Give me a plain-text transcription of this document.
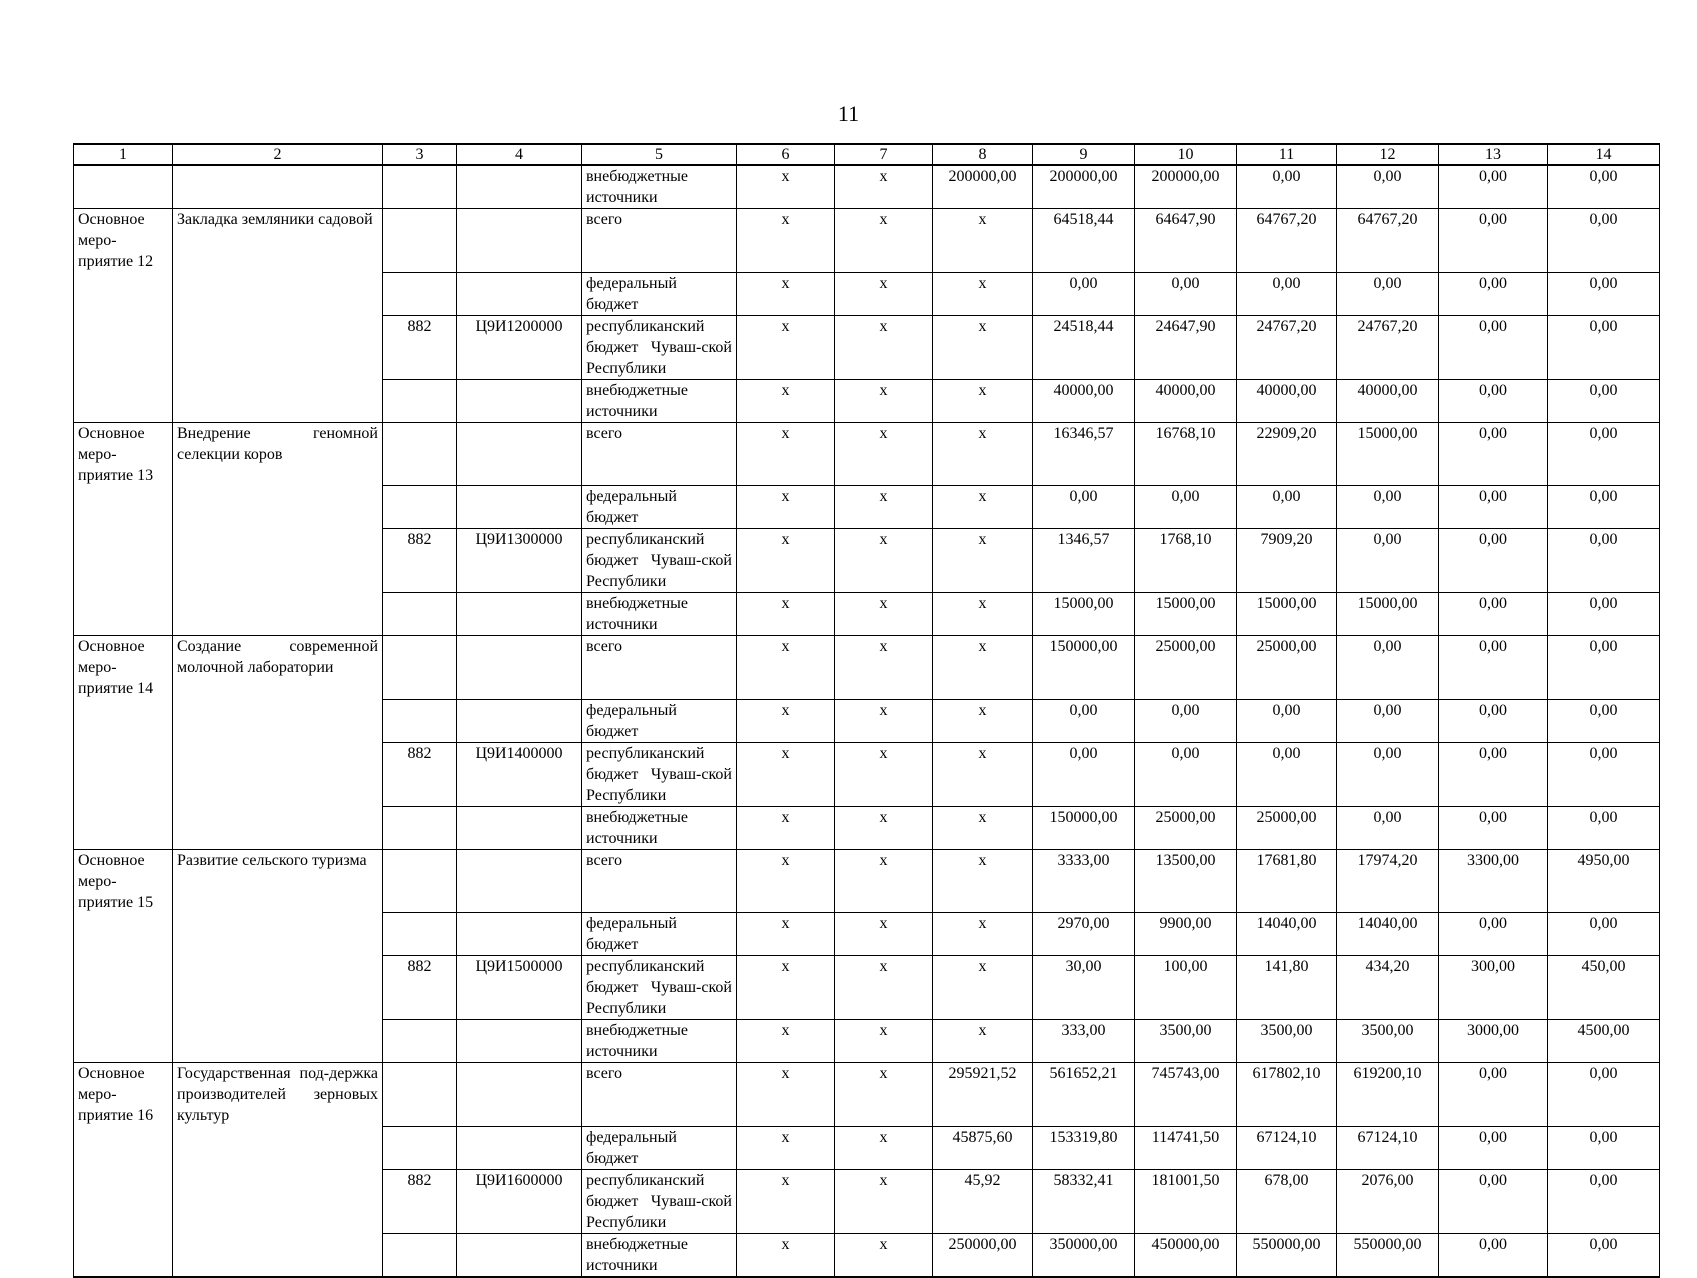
11
1	2	3	4	5	6	7	8	9	10	11	12	13	14
				внебюджетные источники	х	х	200000,00	200000,00	200000,00	0,00	0,00	0,00	0,00
Основное меро-приятие 12	Закладка земляники садовой			всего	х	х	х	64518,44	64647,90	64767,20	64767,20	0,00	0,00
				федеральный бюджет	х	х	х	0,00	0,00	0,00	0,00	0,00	0,00
		882	Ц9И1200000	республиканский бюджет Чуваш-ской Республики	х	х	х	24518,44	24647,90	24767,20	24767,20	0,00	0,00
				внебюджетные источники	х	х	х	40000,00	40000,00	40000,00	40000,00	0,00	0,00
Основное меро-приятие 13	Внедрение геномной селекции коров			всего	х	х	х	16346,57	16768,10	22909,20	15000,00	0,00	0,00
				федеральный бюджет	х	х	х	0,00	0,00	0,00	0,00	0,00	0,00
		882	Ц9И1300000	республиканский бюджет Чуваш-ской Республики	х	х	х	1346,57	1768,10	7909,20	0,00	0,00	0,00
				внебюджетные источники	х	х	х	15000,00	15000,00	15000,00	15000,00	0,00	0,00
Основное меро-приятие 14	Создание современной молочной лаборатории			всего	х	х	х	150000,00	25000,00	25000,00	0,00	0,00	0,00
				федеральный бюджет	х	х	х	0,00	0,00	0,00	0,00	0,00	0,00
		882	Ц9И1400000	республиканский бюджет Чуваш-ской Республики	х	х	х	0,00	0,00	0,00	0,00	0,00	0,00
				внебюджетные источники	х	х	х	150000,00	25000,00	25000,00	0,00	0,00	0,00
Основное меро-приятие 15	Развитие сельского туризма			всего	х	х	х	3333,00	13500,00	17681,80	17974,20	3300,00	4950,00
				федеральный бюджет	х	х	х	2970,00	9900,00	14040,00	14040,00	0,00	0,00
		882	Ц9И1500000	республиканский бюджет Чуваш-ской Республики	х	х	х	30,00	100,00	141,80	434,20	300,00	450,00
				внебюджетные источники	х	х	х	333,00	3500,00	3500,00	3500,00	3000,00	4500,00
Основное меро-приятие 16	Государственная под-держка производителей зерновых культур			всего	х	х	295921,52	561652,21	745743,00	617802,10	619200,10	0,00	0,00
				федеральный бюджет	х	х	45875,60	153319,80	114741,50	67124,10	67124,10	0,00	0,00
		882	Ц9И1600000	республиканский бюджет Чуваш-ской Республики	х	х	45,92	58332,41	181001,50	678,00	2076,00	0,00	0,00
				внебюджетные источники	х	х	250000,00	350000,00	450000,00	550000,00	550000,00	0,00	0,00
